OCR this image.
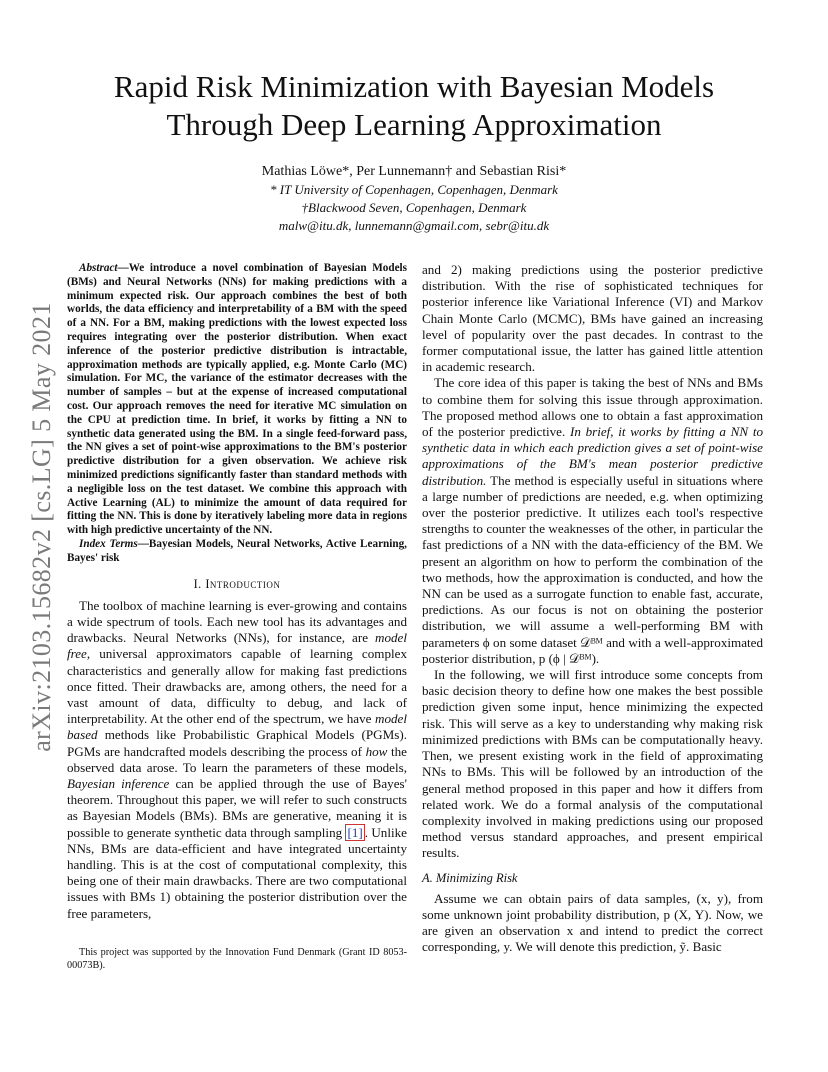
arXiv:2103.15682v2 [cs.LG] 5 May 2021
Rapid Risk Minimization with Bayesian Models
Through Deep Learning Approximation
Mathias Löwe*, Per Lunnemann† and Sebastian Risi*
* IT University of Copenhagen, Copenhagen, Denmark
†Blackwood Seven, Copenhagen, Denmark
malw@itu.dk, lunnemann@gmail.com, sebr@itu.dk

Abstract—We introduce a novel combination of Bayesian Models (BMs) and Neural Networks (NNs) for making predictions with a minimum expected risk. Our approach combines the best of both worlds, the data efficiency and interpretability of a BM with the speed of a NN. For a BM, making predictions with the lowest expected loss requires integrating over the posterior distribution. When exact inference of the posterior predictive distribution is intractable, approximation methods are typically applied, e.g. Monte Carlo (MC) simulation. For MC, the variance of the estimator decreases with the number of samples – but at the expense of increased computational cost. Our approach removes the need for iterative MC simulation on the CPU at prediction time. In brief, it works by fitting a NN to synthetic data generated using the BM. In a single feed-forward pass, the NN gives a set of point-wise approximations to the BM's posterior predictive distribution for a given observation. We achieve risk minimized predictions significantly faster than standard methods with a negligible loss on the test dataset. We combine this approach with Active Learning (AL) to minimize the amount of data required for fitting the NN. This is done by iteratively labeling more data in regions with high predictive uncertainty of the NN.

Index Terms—Bayesian Models, Neural Networks, Active Learning, Bayes' risk

I. Introduction

The toolbox of machine learning is ever-growing and contains a wide spectrum of tools. Each new tool has its advantages and drawbacks. Neural Networks (NNs), for instance, are model free, universal approximators capable of learning complex characteristics and generally allow for making fast predictions once fitted. Their drawbacks are, among others, the need for a vast amount of data, difficulty to debug, and lack of interpretability. At the other end of the spectrum, we have model based methods like Probabilistic Graphical Models (PGMs). PGMs are handcrafted models describing the process of how the observed data arose. To learn the parameters of these models, Bayesian inference can be applied through the use of Bayes' theorem. Throughout this paper, we will refer to such constructs as Bayesian Models (BMs). BMs are generative, meaning it is possible to generate synthetic data through sampling [1] . Unlike NNs, BMs are data-efficient and have integrated uncertainty handling. This is at the cost of computational complexity, this being one of their main drawbacks. There are two computational issues with BMs 1) obtaining the posterior distribution over the free parameters,

This project was supported by the Innovation Fund Denmark (Grant ID 8053-00073B).

and 2) making predictions using the posterior predictive distribution. With the rise of sophisticated techniques for posterior inference like Variational Inference (VI) and Markov Chain Monte Carlo (MCMC), BMs have gained an increasing level of popularity over the past decades. In contrast to the former computational issue, the latter has gained little attention in academic research.

The core idea of this paper is taking the best of NNs and BMs to combine them for solving this issue through approximation. The proposed method allows one to obtain a fast approximation of the posterior predictive. In brief, it works by fitting a NN to synthetic data in which each prediction gives a set of point-wise approximations of the BM's mean posterior predictive distribution. The method is especially useful in situations where a large number of predictions are needed, e.g. when optimizing over the posterior predictive. It utilizes each tool's respective strengths to counter the weaknesses of the other, in particular the fast predictions of a NN with the data-efficiency of the BM. We present an algorithm on how to perform the combination of the two methods, how the approximation is conducted, and how the NN can be used as a surrogate function to enable fast, accurate, predictions. As our focus is not on obtaining the posterior distribution, we will assume a well-performing BM with parameters ϕ on some dataset 𝒟ᴮᴹ and with a well-approximated posterior distribution, p (ϕ | 𝒟ᴮᴹ).

In the following, we will first introduce some concepts from basic decision theory to define how one makes the best possible prediction given some input, hence minimizing the expected risk. This will serve as a key to understanding why making risk minimized predictions with BMs can be computationally heavy. Then, we present existing work in the field of approximating NNs to BMs. This will be followed by an introduction of the general method proposed in this paper and how it differs from related work. We do a formal analysis of the computational complexity involved in making predictions using our proposed method versus standard approaches, and present empirical results.

A. Minimizing Risk

Assume we can obtain pairs of data samples, (x, y), from some unknown joint probability distribution, p (X, Y). Now, we are given an observation x and intend to predict the correct corresponding, y. We will denote this prediction, ỹ. Basic
